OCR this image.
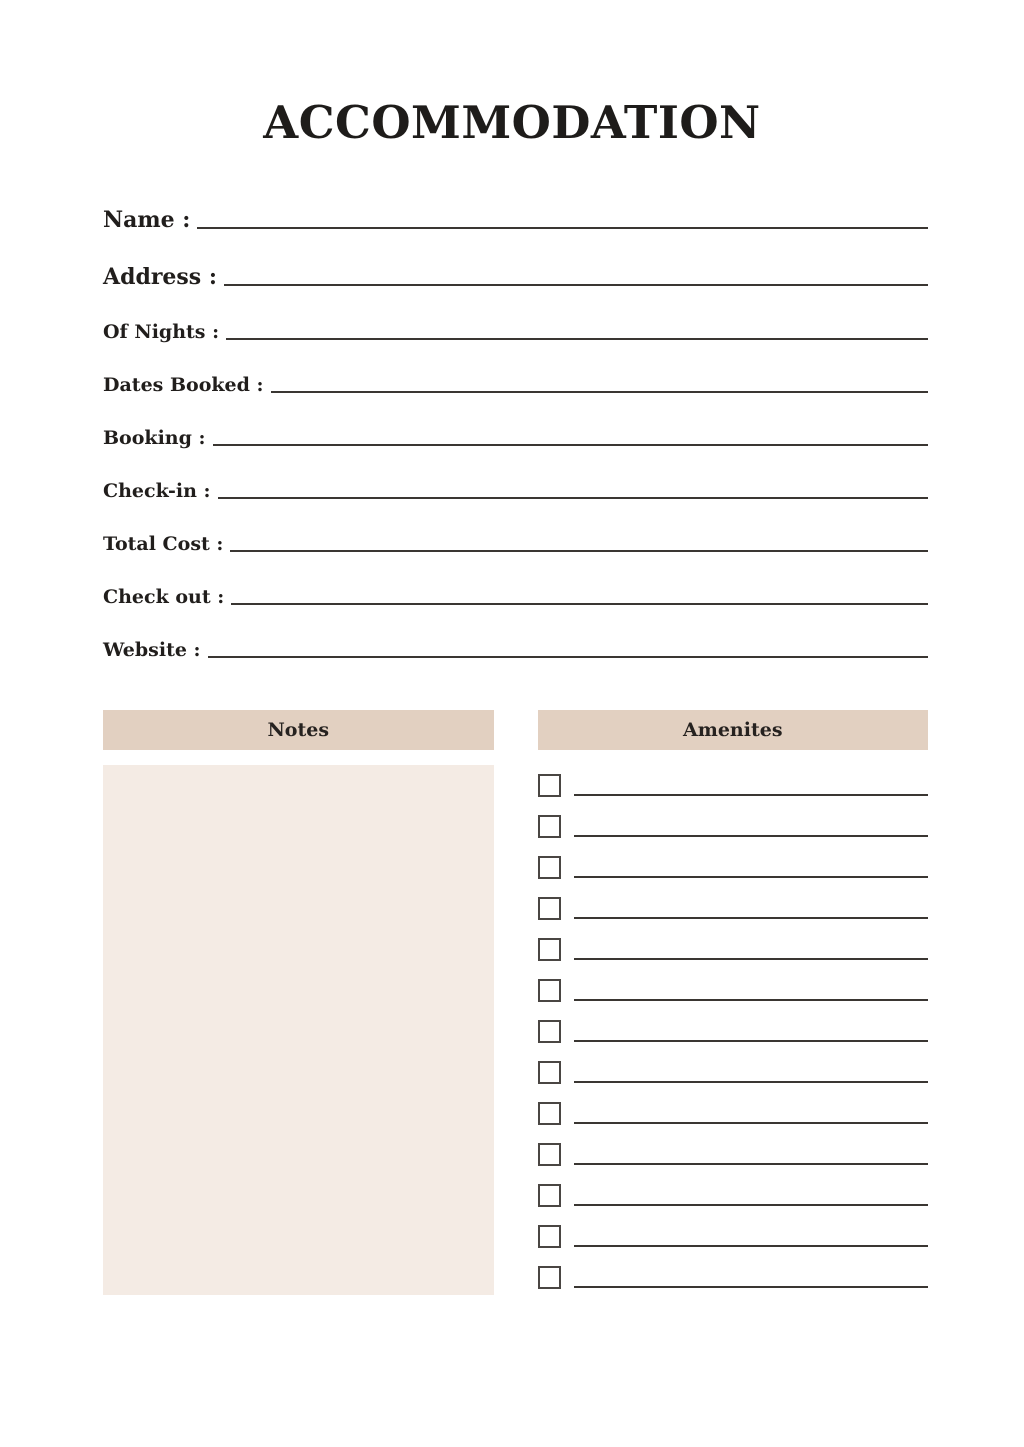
ACCOMMODATION
Name :
Address :
Of Nights :
Dates Booked :
Booking :
Check-in :
Total Cost :
Check out :
Website :
Notes	Amenites
